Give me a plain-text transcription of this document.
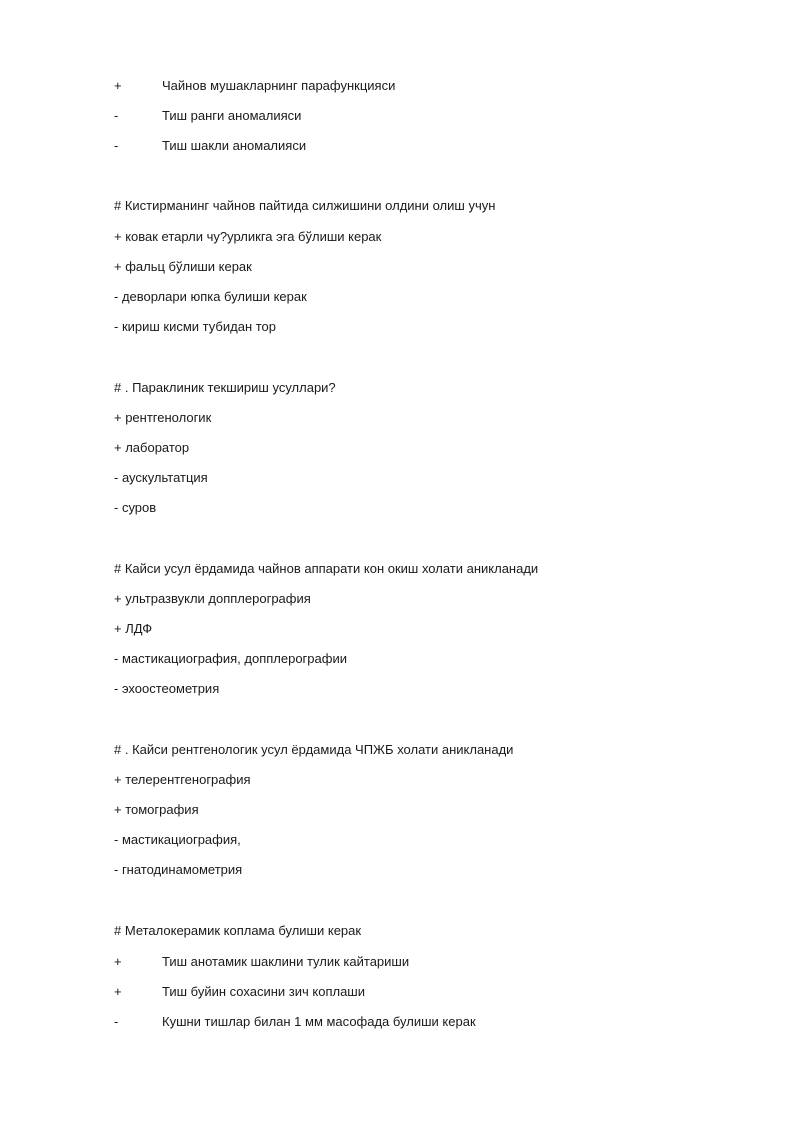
+	Чайнов мушакларнинг парафункцияси
-	Тиш ранги аномалияси
-	Тиш шакли аномалияси
# Кистирманинг чайнов пайтида силжишини олдини олиш учун
+ ковак етарли чу?урликга эга бўлиши керак
+ фальц бўлиши керак
- деворлари юпка булиши керак
- кириш кисми тубидан тор
# . Параклиник текшириш усуллари?
+ рентгенологик
+ лаборатор
- аускультатция
- суров
# Кайси усул ёрдамида чайнов аппарати кон окиш холати аникланади
+ ультразвукли допплерография
+ ЛДФ
- мастикациография, допплерографии
- эхоостеометрия
# . Кайси рентгенологик усул ёрдамида ЧПЖБ холати аникланади
+ телерентгенография
+ томография
- мастикациография,
- гнатодинамометрия
# Металокерамик коплама булиши керак
+	Тиш анотамик шаклини тулик кайтариши
+	Тиш буйин сохасини зич коплаши
-	Кушни тишлар билан 1 мм масофада булиши керак
